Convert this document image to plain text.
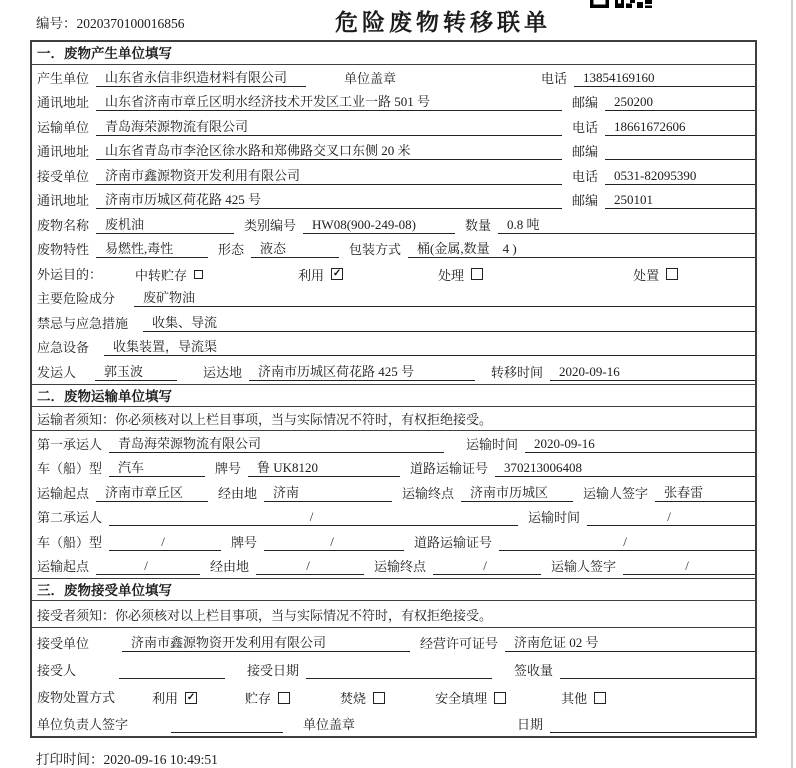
编号：2020370100016856	危险废物转移联单
一．废物产生单位填写
产生单位	山东省永信非织造材料有限公司	单位盖章	电话	13854169160
通讯地址	山东省济南市章丘区明水经济技术开发区工业一路 501 号	邮编	250200
运输单位	青岛海荣源物流有限公司	电话	18661672606
通讯地址	山东省青岛市李沧区徐水路和郑佛路交叉口东侧 20 米	邮编
接受单位	济南市鑫源物资开发利用有限公司	电话	0531-82095390
通讯地址	济南市历城区荷花路 425 号	邮编	250101
废物名称	废机油	类别编号	HW08(900-249-08)	数量	0.8 吨
废物特性	易燃性,毒性	形态	液态	包装方式	桶(金属,数量　4 )
外运目的：	中转贮存	利用 ✓	处理	处置
主要危险成分	废矿物油
禁忌与应急措施	收集、导流
应急设备	收集装置，导流渠
发运人	郭玉波	运达地	济南市历城区荷花路 425 号	转移时间	2020-09-16
二．废物运输单位填写
运输者须知：你必须核对以上栏目事项，当与实际情况不符时，有权拒绝接受。
第一承运人	青岛海荣源物流有限公司	运输时间	2020-09-16
车（船）型	汽车	牌号	鲁 UK8120	道路运输证号	370213006408
运输起点	济南市章丘区	经由地	济南	运输终点	济南市历城区	运输人签字	张春雷
第二承运人	/	运输时间	/
车（船）型	/	牌号	/	道路运输证号	/
运输起点	/	经由地	/	运输终点	/	运输人签字	/
三．废物接受单位填写
接受者须知：你必须核对以上栏目事项，当与实际情况不符时，有权拒绝接受。
接受单位	济南市鑫源物资开发利用有限公司	经营许可证号	济南危证 02 号
接受人	接受日期	签收量
废物处置方式	利用 ✓	贮存	焚烧	安全填埋	其他
单位负责人签字	单位盖章	日期
打印时间：2020-09-16 10:49:51
